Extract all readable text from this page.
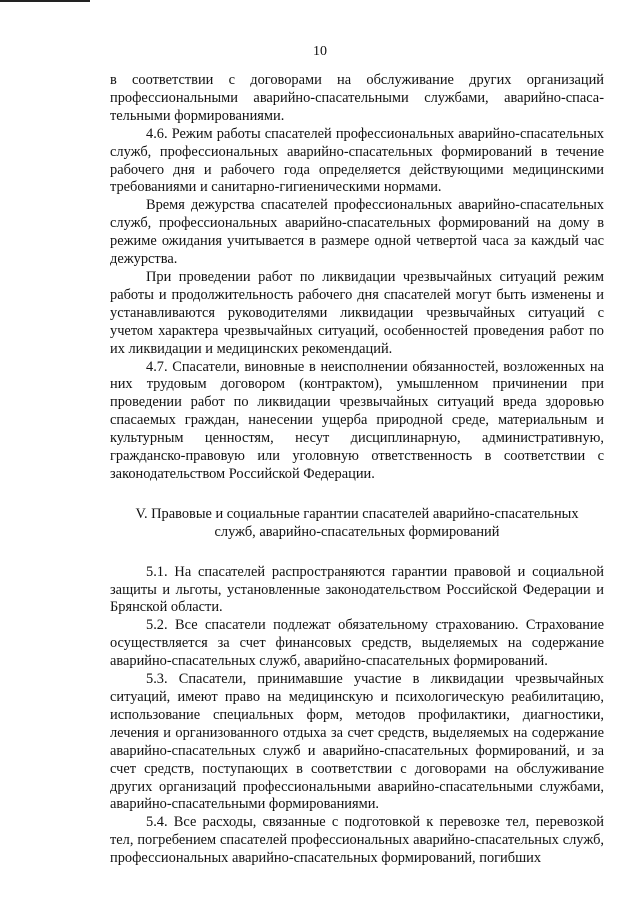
10

в соответствии с договорами на обслуживание других организаций профессиональными аварийно-спасательными службами, аварийно-спасательными формированиями.

4.6. Режим работы спасателей профессиональных аварийно-спасательных служб, профессиональных аварийно-спасательных формирований в течение рабочего дня и рабочего года определяется действующими медицинскими требованиями и санитарно-гигиеническими нормами.

Время дежурства спасателей профессиональных аварийно-спасательных служб, профессиональных аварийно-спасательных формирований на дому в режиме ожидания учитывается в размере одной четвертой часа за каждый час дежурства.

При проведении работ по ликвидации чрезвычайных ситуаций режим работы и продолжительность рабочего дня спасателей могут быть изменены и устанавливаются руководителями ликвидации чрезвычайных ситуаций с учетом характера чрезвычайных ситуаций, особенностей проведения работ по их ликвидации и медицинских рекомендаций.

4.7. Спасатели, виновные в неисполнении обязанностей, возложенных на них трудовым договором (контрактом), умышленном причинении при проведении работ по ликвидации чрезвычайных ситуаций вреда здоровью спасаемых граждан, нанесении ущерба природной среде, материальным и культурным ценностям, несут дисциплинарную, административную, гражданско-правовую или уголовную ответственность в соответствии с законодательством Российской Федерации.

V. Правовые и социальные гарантии спасателей аварийно-спасательных
служб, аварийно-спасательных формирований

5.1. На спасателей распространяются гарантии правовой и социальной защиты и льготы, установленные законодательством Российской Федерации и Брянской области.

5.2. Все спасатели подлежат обязательному страхованию. Страхование осуществляется за счет финансовых средств, выделяемых на содержание аварийно-спасательных служб, аварийно-спасательных формирований.

5.3. Спасатели, принимавшие участие в ликвидации чрезвычайных ситуаций, имеют право на медицинскую и психологическую реабилитацию, использование специальных форм, методов профилактики, диагностики, лечения и организованного отдыха за счет средств, выделяемых на содержание аварийно-спасательных служб и аварийно-спасательных формирований, и за счет средств, поступающих в соответствии с договорами на обслуживание других организаций профессиональными аварийно-спасательными службами, аварийно-спасательными формированиями.

5.4. Все расходы, связанные с подготовкой к перевозке тел, перевозкой тел, погребением спасателей профессиональных аварийно-спасательных служб, профессиональных аварийно-спасательных формирований, погибших
